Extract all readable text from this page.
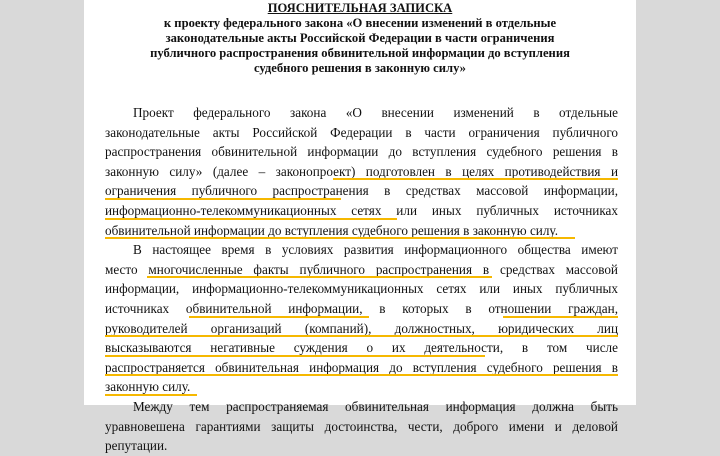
ПОЯСНИТЕЛЬНАЯ ЗАПИСКА
к проекту федерального закона «О внесении изменений в отдельные
законодательные акты Российской Федерации в части ограничения
публичного распространения обвинительной информации до вступления
судебного решения в законную силу»
Проект федерального закона «О внесении изменений в отдельные
законодательные акты Российской Федерации в части ограничения публичного
распространения обвинительной информации до вступления судебного решения в
законную силу» (далее – законопроект) подготовлен в целях противодействия и
ограничения публичного распространения в средствах массовой информации,
информационно-телекоммуникационных сетях или иных публичных источниках
обвинительной информации до вступления судебного решения в законную силу.
В настоящее время в условиях развития информационного общества имеют
место многочисленные факты публичного распространения в средствах массовой
информации, информационно-телекоммуникационных сетях или иных публичных
источниках обвинительной информации, в которых в отношении граждан,
руководителей организаций (компаний), должностных, юридических лиц
высказываются негативные суждения о их деятельности, в том числе
распространяется обвинительная информация до вступления судебного решения в
законную силу.
Между тем распространяемая обвинительная информация должна быть
уравновешена гарантиями защиты достоинства, чести, доброго имени и деловой
репутации.
